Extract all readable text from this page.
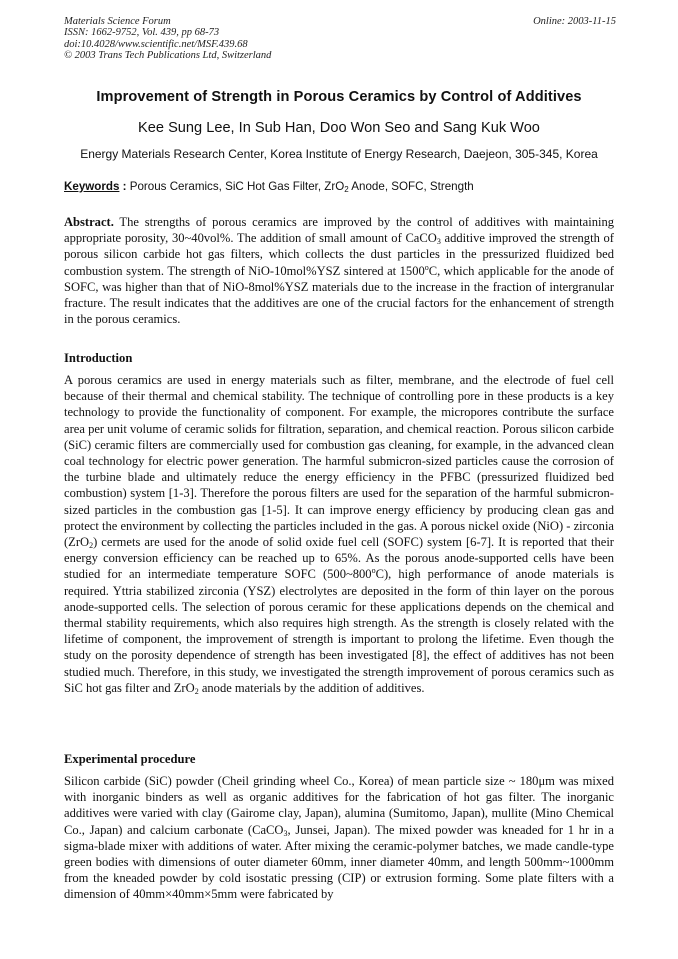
Materials Science Forum
ISSN: 1662-9752, Vol. 439, pp 68-73
doi:10.4028/www.scientific.net/MSF.439.68
© 2003 Trans Tech Publications Ltd, Switzerland
Online: 2003-11-15
Improvement of Strength in Porous Ceramics by Control of Additives
Kee Sung Lee, In Sub Han, Doo Won Seo and Sang Kuk Woo
Energy Materials Research Center, Korea Institute of Energy Research, Daejeon, 305-345, Korea
Keywords : Porous Ceramics, SiC Hot Gas Filter, ZrO$_2$ Anode, SOFC, Strength
Abstract. The strengths of porous ceramics are improved by the control of additives with maintaining appropriate porosity, 30~40vol%. The addition of small amount of CaCO$_3$ additive improved the strength of porous silicon carbide hot gas filters, which collects the dust particles in the pressurized fluidized bed combustion system. The strength of NiO-10mol%YSZ sintered at 1500$^o$C, which applicable for the anode of SOFC, was higher than that of NiO-8mol%YSZ materials due to the increase in the fraction of intergranular fracture. The result indicates that the additives are one of the crucial factors for the enhancement of strength in the porous ceramics.
Introduction
A porous ceramics are used in energy materials such as filter, membrane, and the electrode of fuel cell because of their thermal and chemical stability. The technique of controlling pore in these products is a key technology to provide the functionality of component. For example, the micropores contribute the surface area per unit volume of ceramic solids for filtration, separation, and chemical reaction. Porous silicon carbide (SiC) ceramic filters are commercially used for combustion gas cleaning, for example, in the advanced clean coal technology for electric power generation. The harmful submicron-sized particles cause the corrosion of the turbine blade and ultimately reduce the energy efficiency in the PFBC (pressurized fluidized bed combustion) system [1-3]. Therefore the porous filters are used for the separation of the harmful submicron-sized particles in the combustion gas [1-5]. It can improve energy efficiency by producing clean gas and protect the environment by collecting the particles included in the gas. A porous nickel oxide (NiO) - zirconia (ZrO$_2$) cermets are used for the anode of solid oxide fuel cell (SOFC) system [6-7]. It is reported that their energy conversion efficiency can be reached up to 65%. As the porous anode-supported cells have been studied for an intermediate temperature SOFC (500~800$^o$C), high performance of anode materials is required. Yttria stabilized zirconia (YSZ) electrolytes are deposited in the form of thin layer on the porous anode-supported cells. The selection of porous ceramic for these applications depends on the chemical and thermal stability requirements, which also requires high strength. As the strength is closely related with the lifetime of component, the improvement of strength is important to prolong the lifetime. Even though the study on the porosity dependence of strength has been investigated [8], the effect of additives has not been studied much. Therefore, in this study, we investigated the strength improvement of porous ceramics such as SiC hot gas filter and ZrO$_2$ anode materials by the addition of additives.
Experimental procedure
Silicon carbide (SiC) powder (Cheil grinding wheel Co., Korea) of mean particle size ~ 180μm was mixed with inorganic binders as well as organic additives for the fabrication of hot gas filter. The inorganic additives were varied with clay (Gairome clay, Japan), alumina (Sumitomo, Japan), mullite (Mino Chemical Co., Japan) and calcium carbonate (CaCO$_3$, Junsei, Japan). The mixed powder was kneaded for 1 hr in a sigma-blade mixer with additions of water. After mixing the ceramic-polymer batches, we made candle-type green bodies with dimensions of outer diameter 60mm, inner diameter 40mm, and length 500mm~1000mm from the kneaded powder by cold isostatic pressing (CIP) or extrusion forming. Some plate filters with a dimension of 40mm×40mm×5mm were fabricated by
